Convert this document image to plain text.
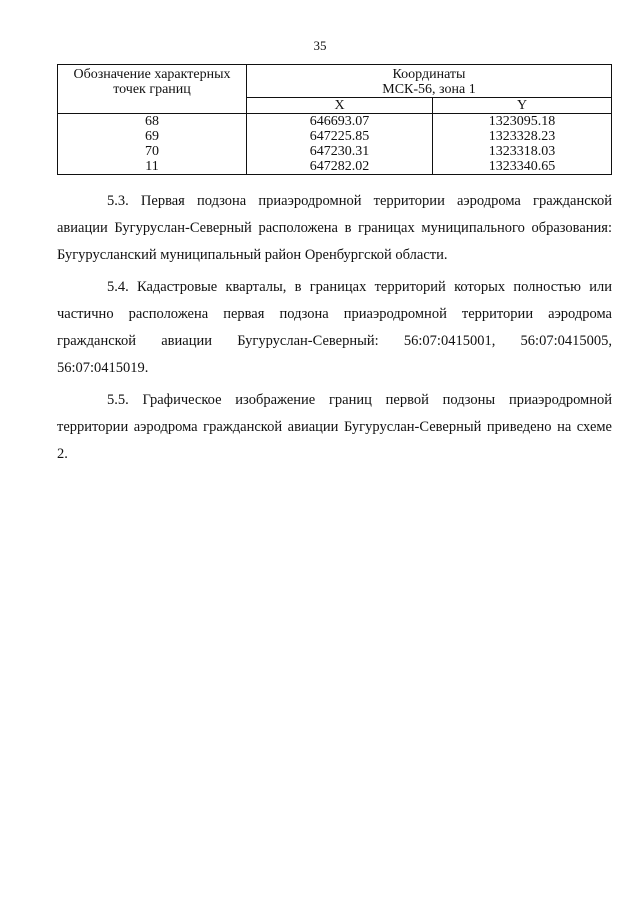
35
Обозначение характерных точек границ	Координаты
МСК-56, зона 1	

	X	Y
68	646693.07	1323095.18
69	647225.85	1323328.23
70	647230.31	1323318.03
11	647282.02	1323340.65

5.3. Первая подзона приаэродромной территории аэродрома гражданской авиации Бугуруслан-Северный расположена в границах муниципального образования: Бугурусланский муниципальный район Оренбургской области.

5.4. Кадастровые кварталы, в границах территорий которых полностью или частично расположена первая подзона приаэродромной территории аэродрома гражданской авиации Бугуруслан-Северный: 56:07:0415001, 56:07:0415005, 56:07:0415019.

5.5. Графическое изображение границ первой подзоны приаэродромной территории аэродрома гражданской авиации Бугуруслан-Северный приведено на схеме 2.
